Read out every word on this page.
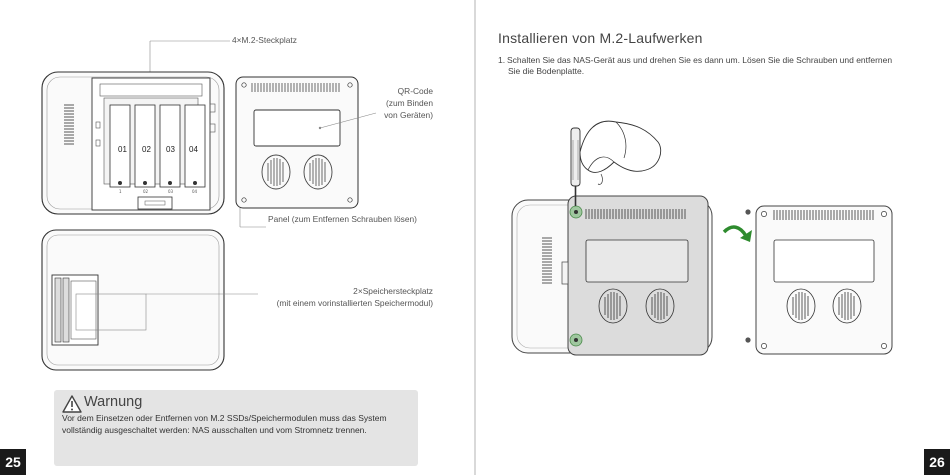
4×M.2-Steckplatz
1	02	03	04
01 02 03 04
QR-Code
(zum Binden
von Geräten)
Panel (zum Entfernen Schrauben lösen)
2×Speichersteckplatz
(mit einem vorinstallierten Speichermodul)
Warnung
Vor dem Einsetzen oder Entfernen von M.2 SSDs/Speichermodulen muss das System vollständig ausgeschaltet werden: NAS ausschalten und vom Stromnetz trennen.
25
Installieren von M.2-Laufwerken
1. Schalten Sie das NAS-Gerät aus und drehen Sie es dann um. Lösen Sie die Schrauben und entfernen
Sie die Bodenplatte.
26
